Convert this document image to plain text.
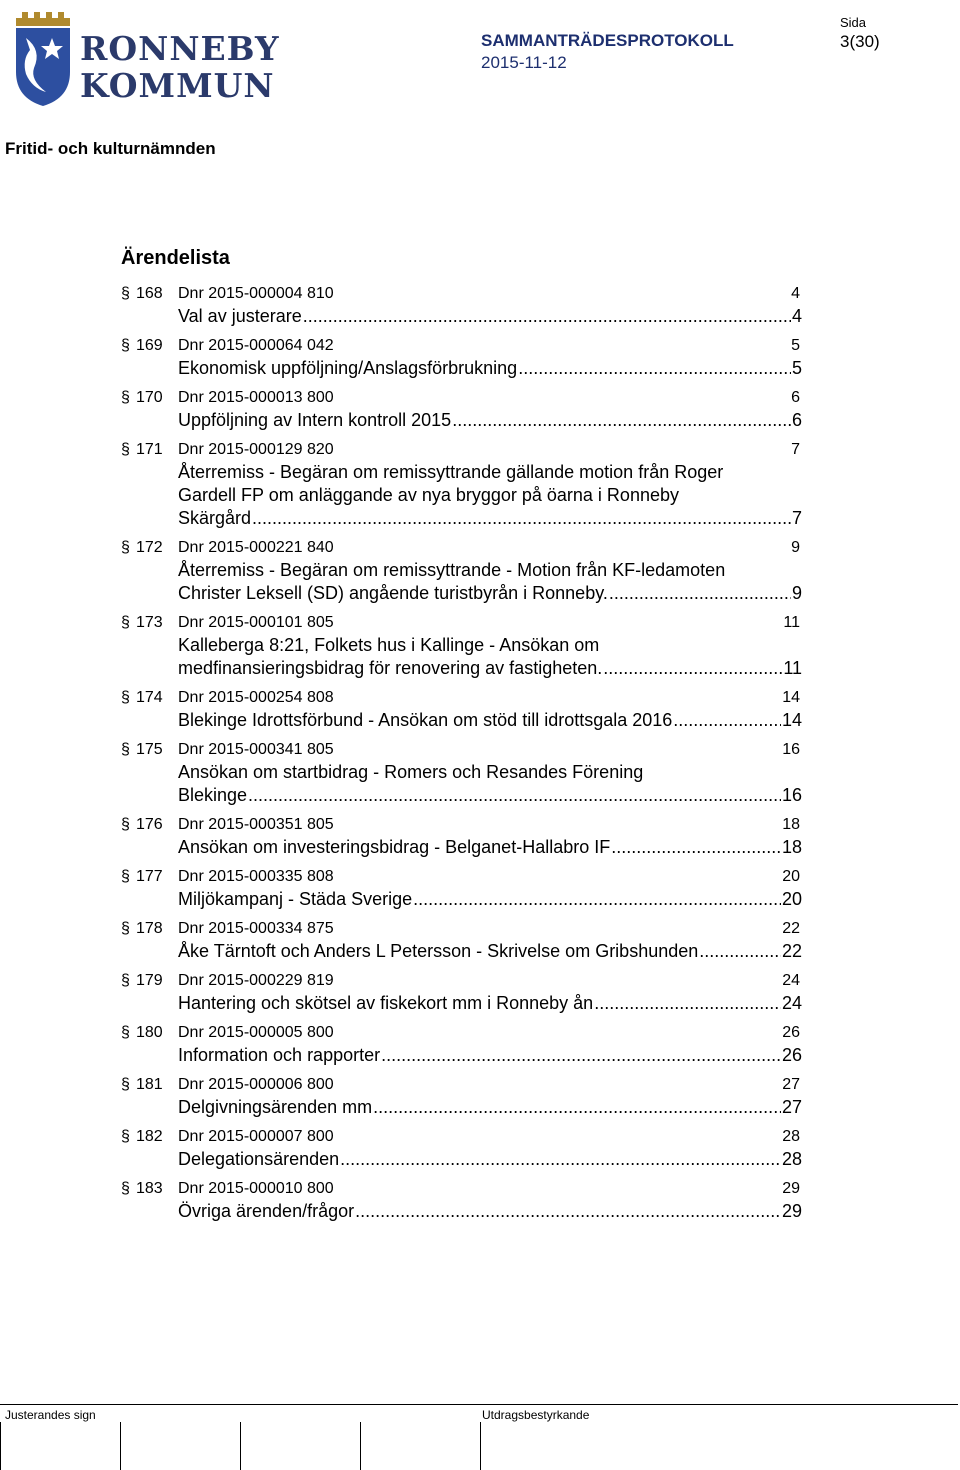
RONNEBY
KOMMUN
SAMMANTRÄDESPROTOKOLL
2015-11-12
Sida
3(30)
Fritid- och kulturnämnden
Ärendelista
§ 168 Dnr 2015-000004 810	4
Val av justerare .....	4
§ 169 Dnr 2015-000064 042	5
Ekonomisk uppföljning/Anslagsförbrukning .....	5
§ 170 Dnr 2015-000013 800	6
Uppföljning av Intern kontroll 2015 .....	6
§ 171 Dnr 2015-000129 820	7
Återremiss - Begäran om remissyttrande gällande motion från Roger
Gardell FP om anläggande av nya bryggor på öarna i Ronneby
Skärgård .....	7
§ 172 Dnr 2015-000221 840	9
Återremiss - Begäran om remissyttrande - Motion från KF-ledamoten
Christer Leksell (SD) angående turistbyrån i Ronneby. .....	9
§ 173 Dnr 2015-000101 805	11
Kalleberga 8:21, Folkets hus i Kallinge - Ansökan om
medfinansieringsbidrag för renovering av fastigheten. .....	11
§ 174 Dnr 2015-000254 808	14
Blekinge Idrottsförbund - Ansökan om stöd till idrottsgala 2016 .....	14
§ 175 Dnr 2015-000341 805	16
Ansökan om startbidrag - Romers och Resandes Förening
Blekinge .....	16
§ 176 Dnr 2015-000351 805	18
Ansökan om investeringsbidrag - Belganet-Hallabro IF .....	18
§ 177 Dnr 2015-000335 808	20
Miljökampanj - Städa Sverige .....	20
§ 178 Dnr 2015-000334 875	22
Åke Tärntoft och Anders L Petersson - Skrivelse om Gribshunden .....	22
§ 179 Dnr 2015-000229 819	24
Hantering och skötsel av fiskekort mm i Ronneby ån .....	24
§ 180 Dnr 2015-000005 800	26
Information och rapporter .....	26
§ 181 Dnr 2015-000006 800	27
Delgivningsärenden mm .....	27
§ 182 Dnr 2015-000007 800	28
Delegationsärenden .....	28
§ 183 Dnr 2015-000010 800	29
Övriga ärenden/frågor .....	29
Justerandes sign	Utdragsbestyrkande
